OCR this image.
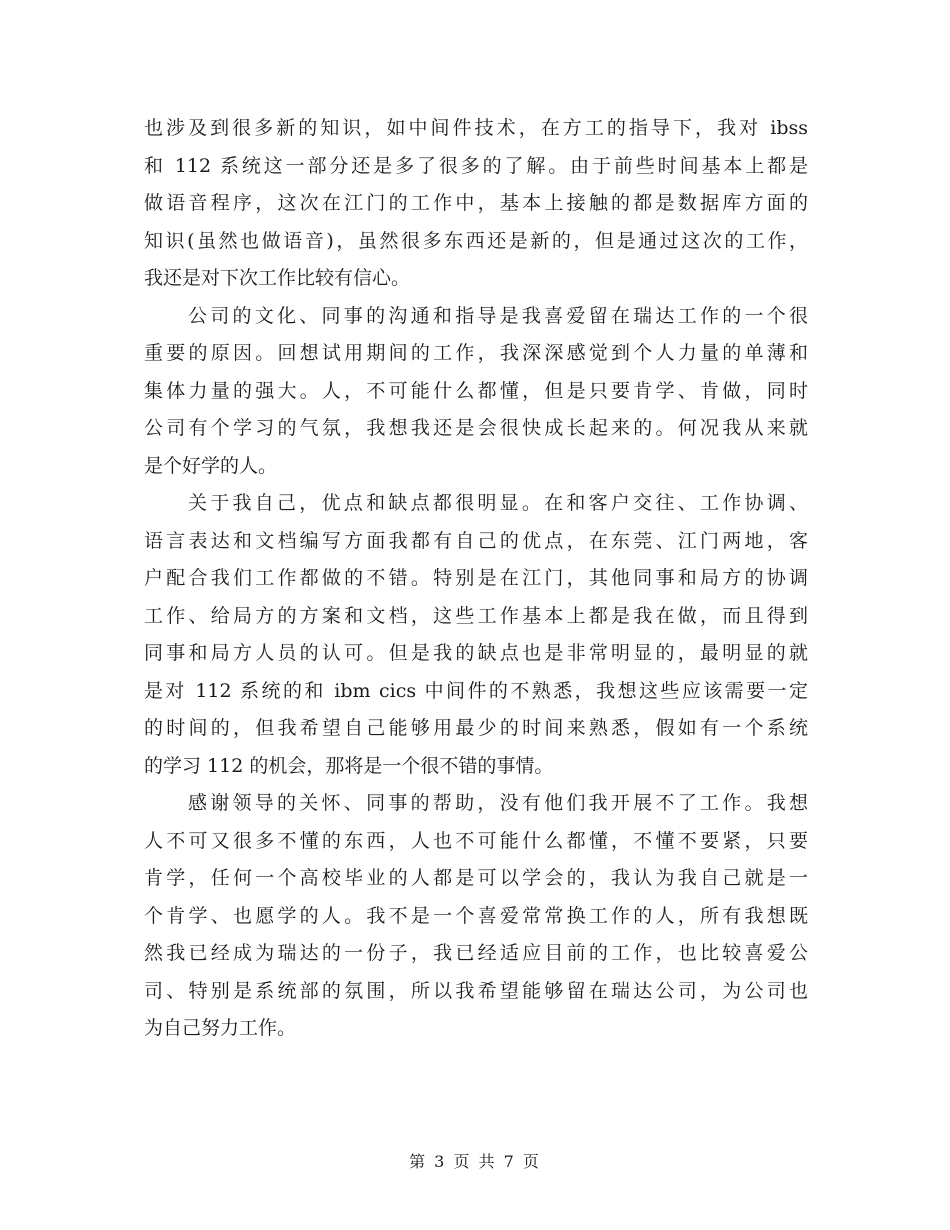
也涉及到很多新的知识，如中间件技术，在方工的指导下，我对 ibss
和 112 系统这一部分还是多了很多的了解。由于前些时间基本上都是
做语音程序，这次在江门的工作中，基本上接触的都是数据库方面的
知识(虽然也做语音)，虽然很多东西还是新的，但是通过这次的工作，
我还是对下次工作比较有信心。
公司的文化、同事的沟通和指导是我喜爱留在瑞达工作的一个很
重要的原因。回想试用期间的工作，我深深感觉到个人力量的单薄和
集体力量的强大。人，不可能什么都懂，但是只要肯学、肯做，同时
公司有个学习的气氛，我想我还是会很快成长起来的。何况我从来就
是个好学的人。
关于我自己，优点和缺点都很明显。在和客户交往、工作协调、
语言表达和文档编写方面我都有自己的优点，在东莞、江门两地，客
户配合我们工作都做的不错。特别是在江门，其他同事和局方的协调
工作、给局方的方案和文档，这些工作基本上都是我在做，而且得到
同事和局方人员的认可。但是我的缺点也是非常明显的，最明显的就
是对 112 系统的和 ibm cics 中间件的不熟悉，我想这些应该需要一定
的时间的，但我希望自己能够用最少的时间来熟悉，假如有一个系统
的学习 112 的机会，那将是一个很不错的事情。
感谢领导的关怀、同事的帮助，没有他们我开展不了工作。我想
人不可又很多不懂的东西，人也不可能什么都懂，不懂不要紧，只要
肯学，任何一个高校毕业的人都是可以学会的，我认为我自己就是一
个肯学、也愿学的人。我不是一个喜爱常常换工作的人，所有我想既
然我已经成为瑞达的一份子，我已经适应目前的工作，也比较喜爱公
司、特别是系统部的氛围，所以我希望能够留在瑞达公司，为公司也
为自己努力工作。
第 3 页 共 7 页
